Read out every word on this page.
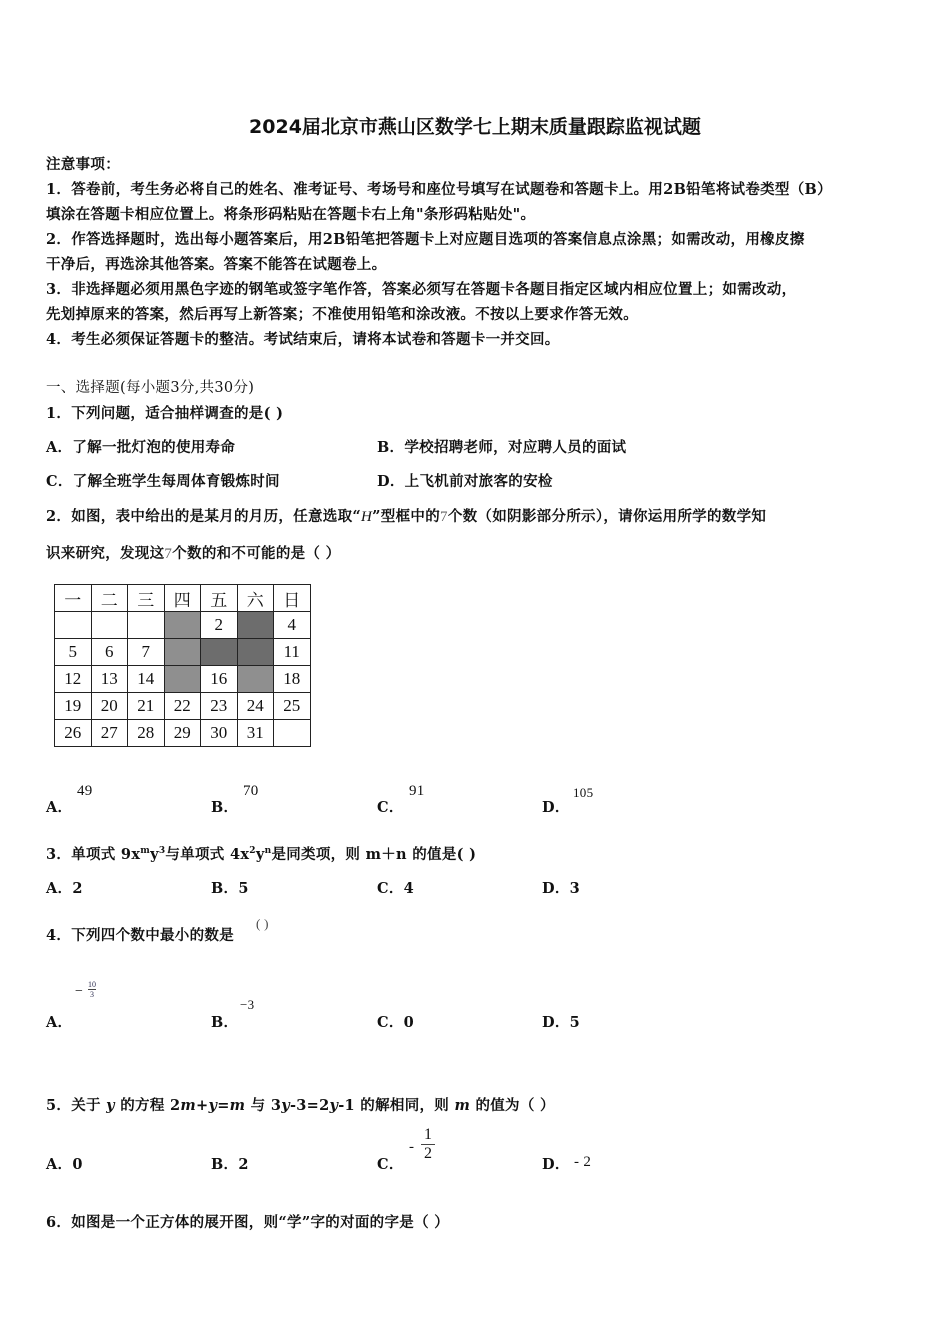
2024届北京市燕山区数学七上期末质量跟踪监视试题
注意事项：
1．答卷前，考生务必将自己的姓名、准考证号、考场号和座位号填写在试题卷和答题卡上。用2B铅笔将试卷类型（B）
填涂在答题卡相应位置上。将条形码粘贴在答题卡右上角"条形码粘贴处"。
2．作答选择题时，选出每小题答案后，用2B铅笔把答题卡上对应题目选项的答案信息点涂黑；如需改动，用橡皮擦
干净后，再选涂其他答案。答案不能答在试题卷上。
3．非选择题必须用黑色字迹的钢笔或签字笔作答，答案必须写在答题卡各题目指定区域内相应位置上；如需改动，
先划掉原来的答案，然后再写上新答案；不准使用铅笔和涂改液。不按以上要求作答无效。
4．考生必须保证答题卡的整洁。考试结束后，请将本试卷和答题卡一并交回。
一、选择题(每小题3分,共30分)
1．下列问题，适合抽样调查的是( )
A．了解一批灯泡的使用寿命	B．学校招聘老师，对应聘人员的面试
C．了解全班学生每周体育锻炼时间	D．上飞机前对旅客的安检
2．如图，表中给出的是某月的月历，任意选取“H”型框中的7个数（如阴影部分所示），请你运用所学的数学知
识来研究，发现这7个数的和不可能的是（ ）
一	二	三	四	五	六	日
				2		4
5	6	7				11
12	13	14		16		18
19	20	21	22	23	24	25
26	27	28	29	30	31	
A．
49
B．
70
C．
91
D．
105
3．单项式 $9x^my^3$与单项式 $4x^2y^n$是同类项，则 m＋n 的值是( )
A．2	B．5	C．4	D．3
4．下列四个数中最小的数是
( )
A．
− 10
3
B．
−3
C．0	D．5
5．关于 y 的方程 2m+y=m 与 3y-3=2y-1 的解相同，则 m 的值为（ ）
A．0	B．2	C．
-
1
2
D． - 2
6．如图是一个正方体的展开图，则“学”字的对面的字是（ ）
